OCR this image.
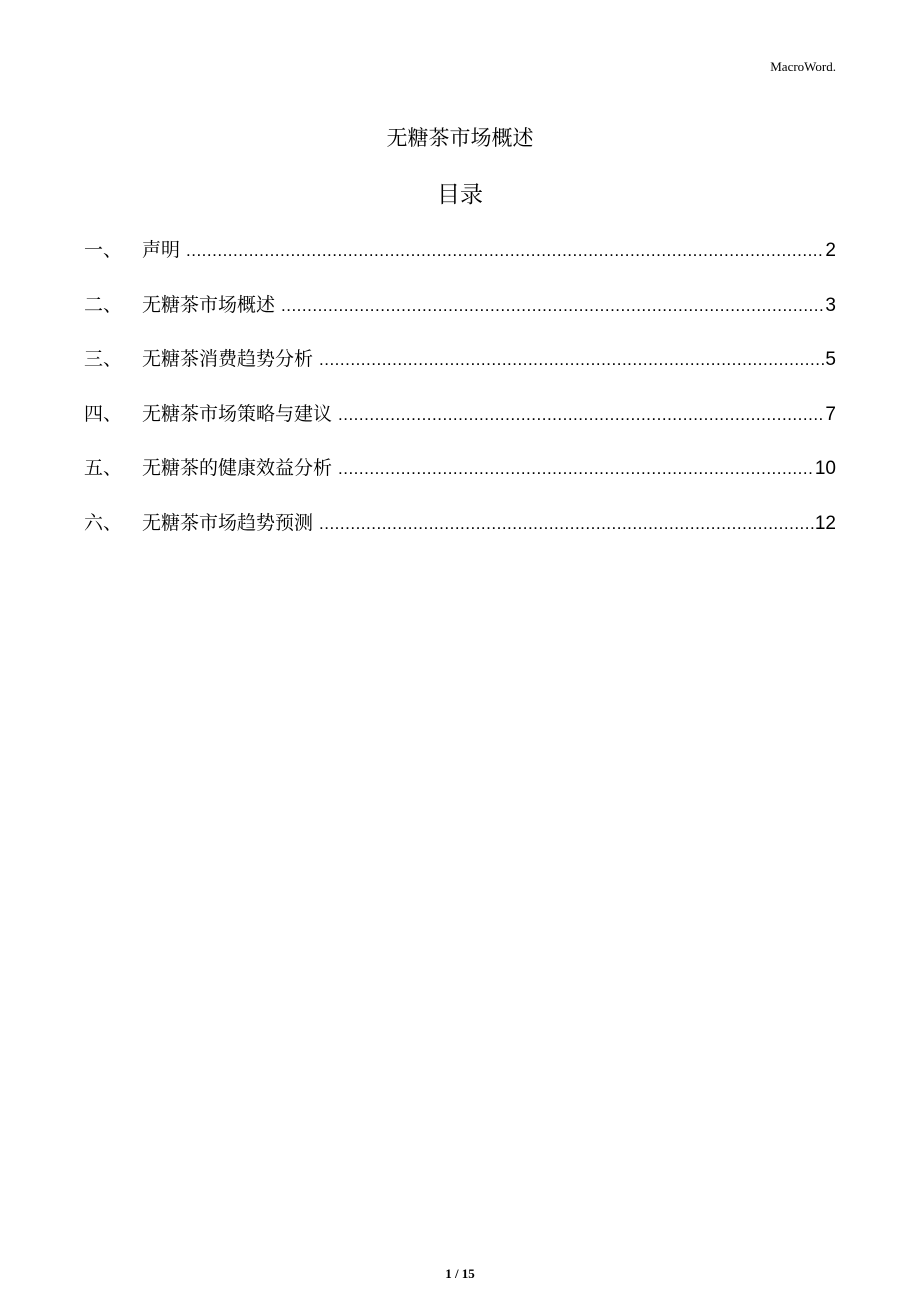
MacroWord.
无糖茶市场概述
目录
一、	声明 .....	2
二、	无糖茶市场概述 .....	3
三、	无糖茶消费趋势分析 .....	5
四、	无糖茶市场策略与建议 .....	7
五、	无糖茶的健康效益分析 .....	10
六、	无糖茶市场趋势预测 .....	12
1 / 15
